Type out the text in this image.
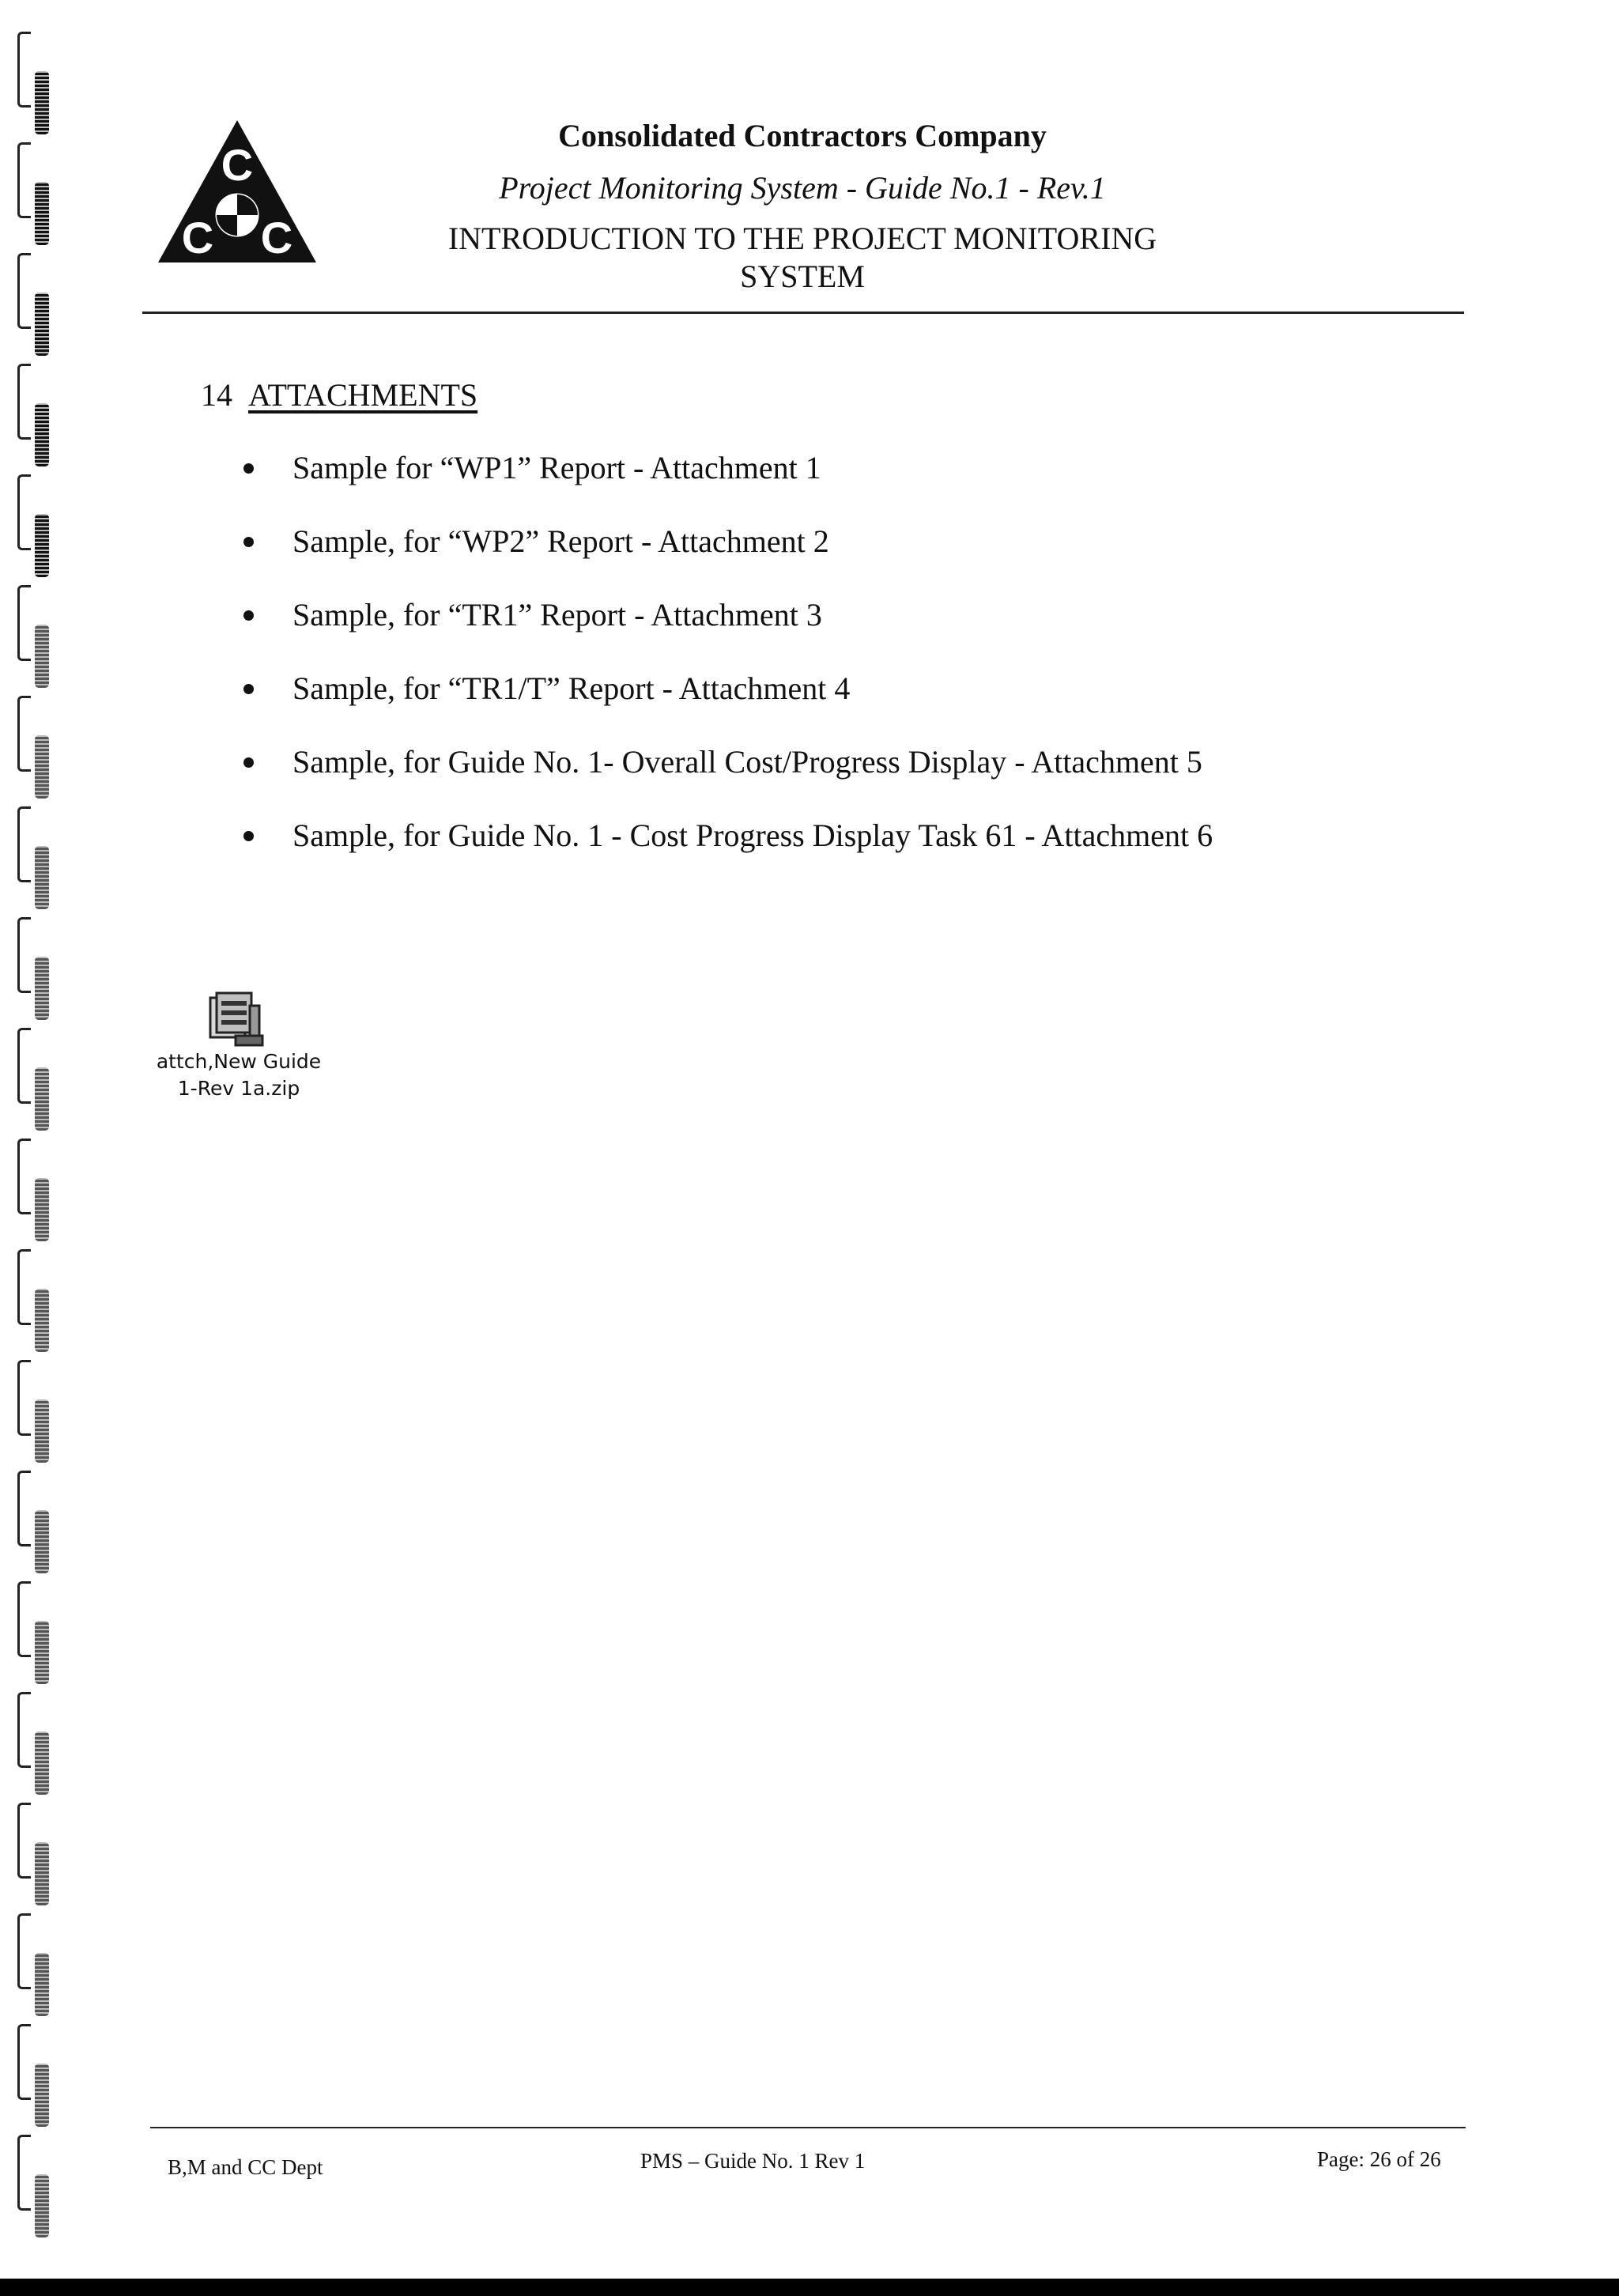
C
C C
Consolidated Contractors Company
Project Monitoring System - Guide No.1 - Rev.1
INTRODUCTION TO THE PROJECT MONITORING
SYSTEM
14 ATTACHMENTS
Sample for “WP1” Report - Attachment 1
Sample, for “WP2” Report - Attachment 2
Sample, for “TR1” Report - Attachment 3
Sample, for “TR1/T” Report - Attachment 4
Sample, for Guide No. 1- Overall Cost/Progress Display - Attachment 5
Sample, for Guide No. 1 - Cost Progress Display Task 61 - Attachment 6
attch,New Guide
1-Rev 1a.zip
B,M and CC Dept	PMS – Guide No. 1 Rev 1	Page: 26 of 26
